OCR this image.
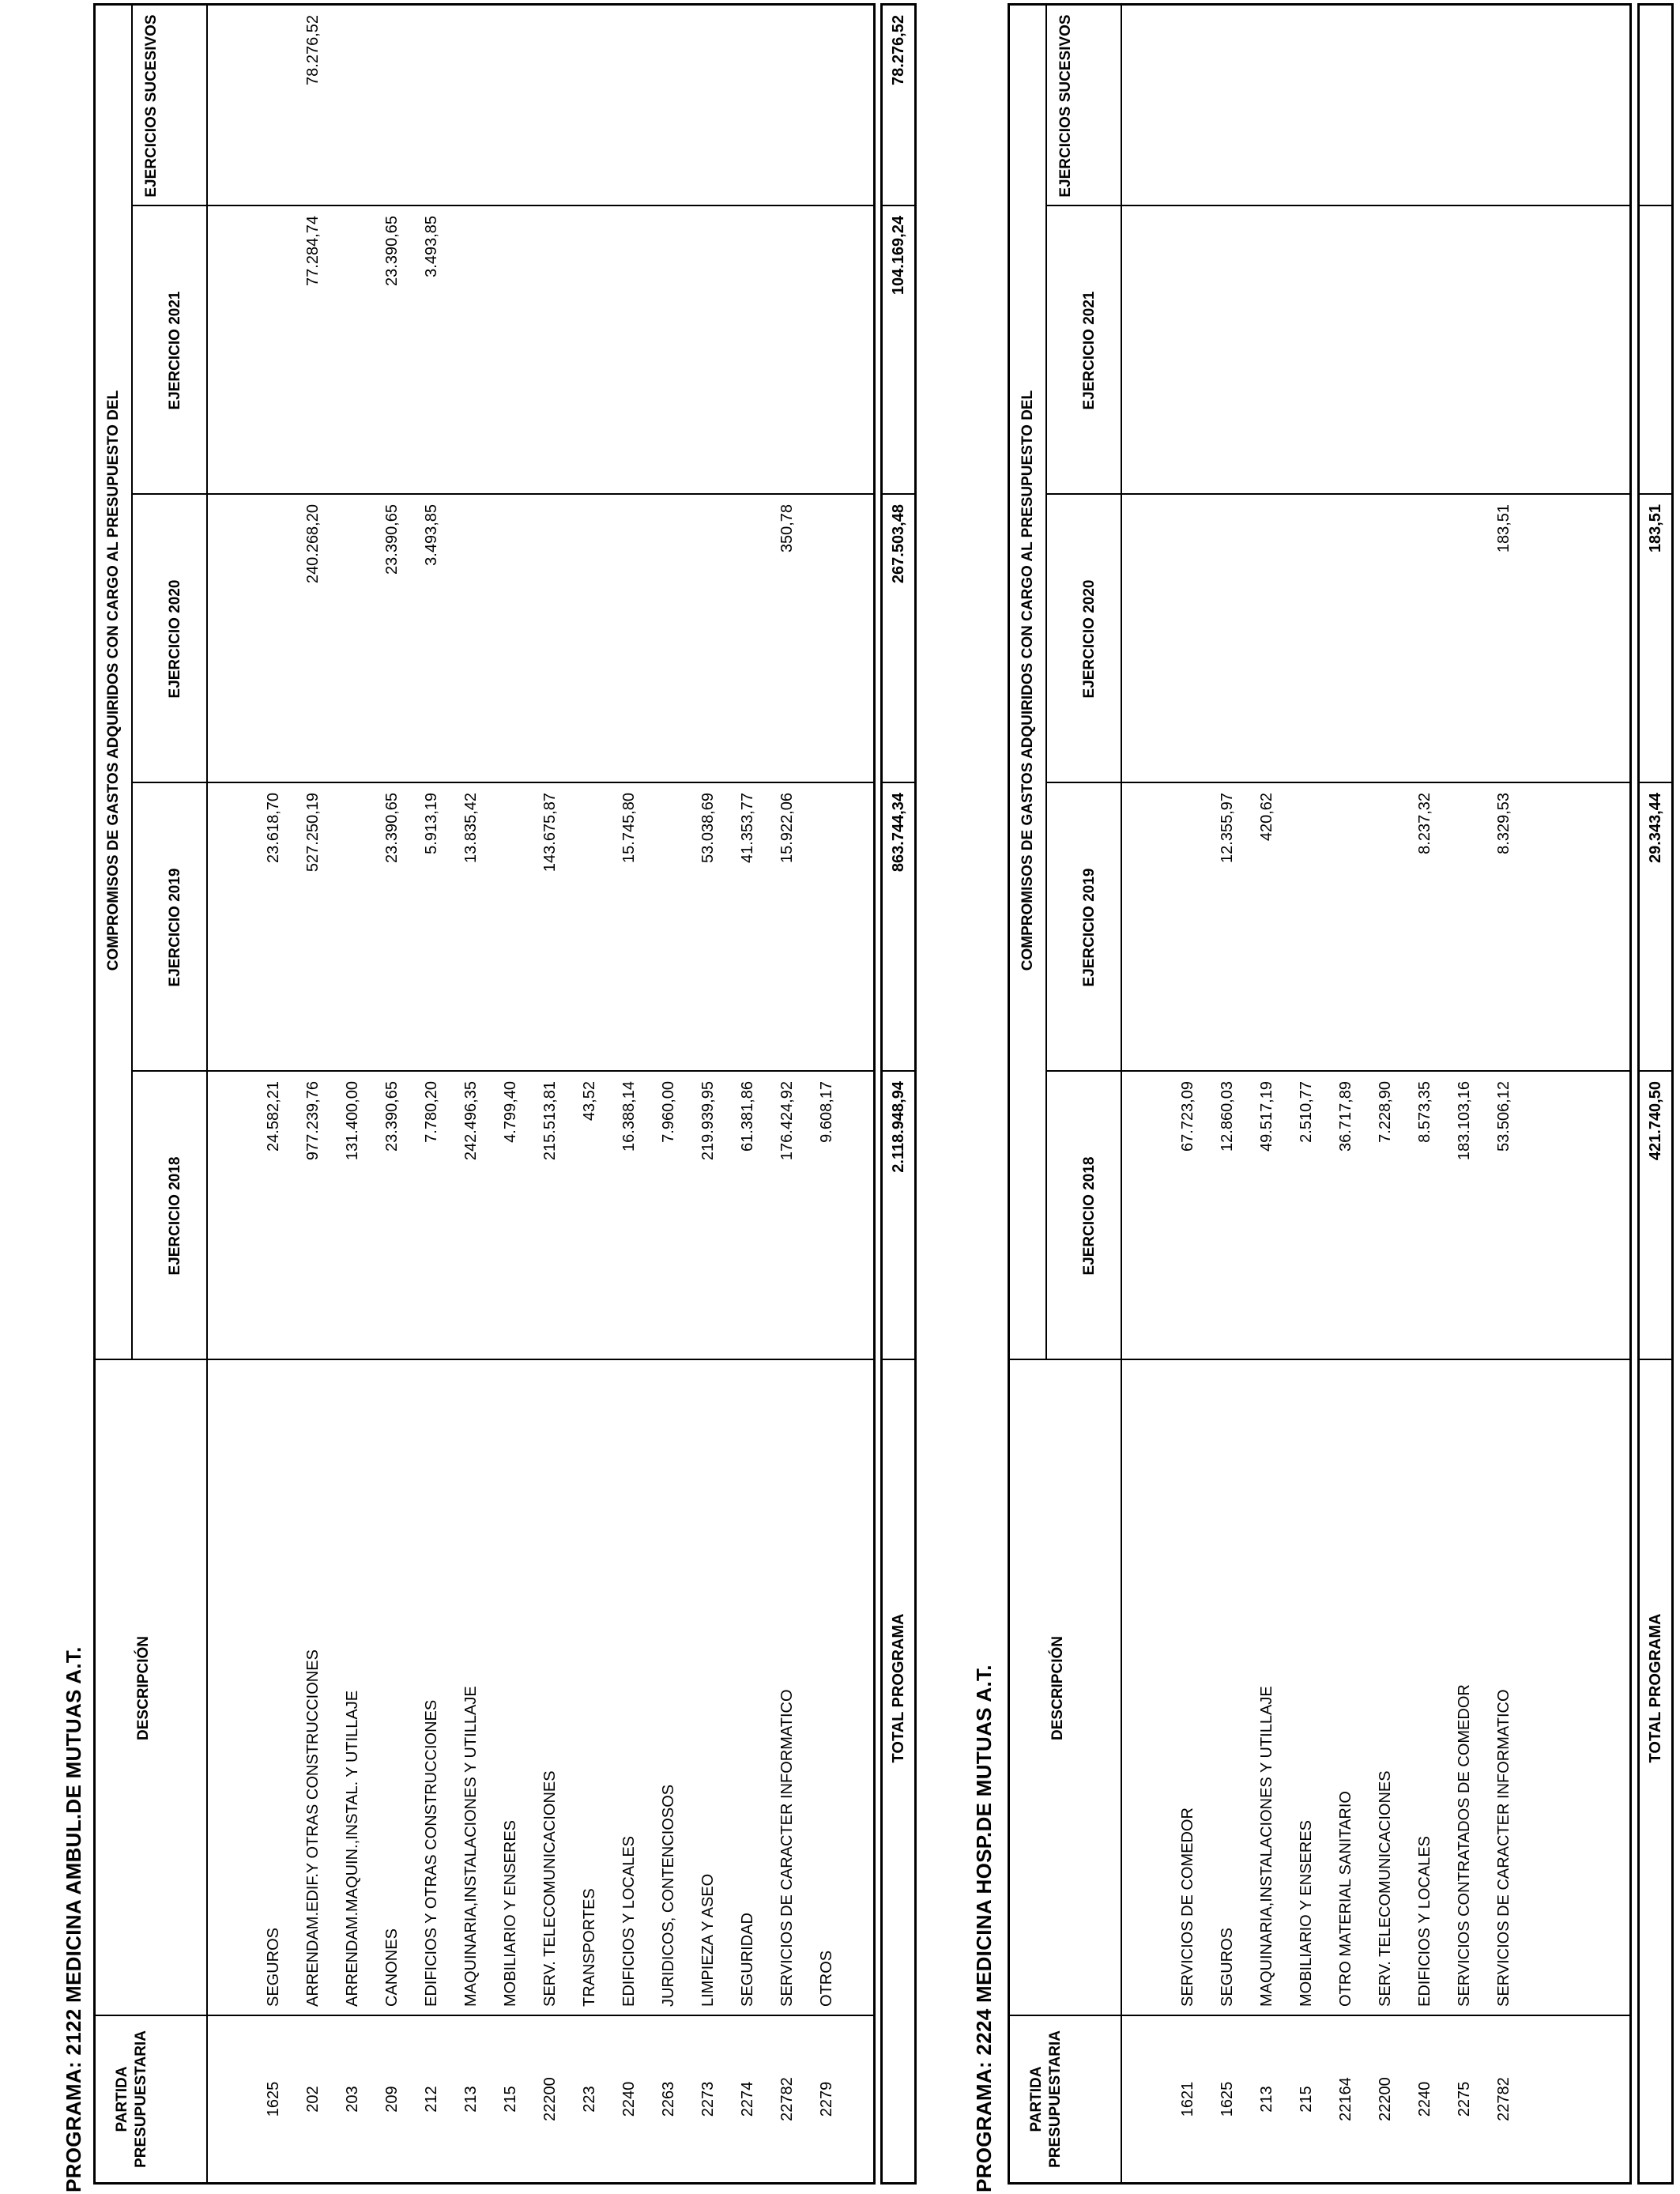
PROGRAMA: 2122 MEDICINA AMBUL.DE MUTUAS A.T. PARTIDA PRESUPUESTARIA
DESCRIPCIÓN
COMPROMISOS DE GASTOS ADQUIRIDOS CON CARGO AL PRESUPUESTO DEL
EJERCICIO 2018
EJERCICIO 2019
EJERCICIO 2020
EJERCICIO 2021
EJERCICIOS SUCESIVOS
1625
SEGUROS
24.582,21
23.618,70
202
ARRENDAM.EDIF.Y OTRAS CONSTRUCCIONES
977.239,76
527.250,19
240.268,20
77.284,74
78.276,52
203
ARRENDAM.MAQUIN.,INSTAL. Y UTILLAJE
131.400,00
209
CANONES
23.390,65
23.390,65
23.390,65
23.390,65
212
EDIFICIOS Y OTRAS CONSTRUCCIONES
7.780,20
5.913,19
3.493,85
3.493,85
213
MAQUINARIA,INSTALACIONES Y UTILLAJE
242.496,35
13.835,42
215
MOBILIARIO Y ENSERES
4.799,40
22200
SERV. TELECOMUNICACIONES
215.513,81
143.675,87
223
TRANSPORTES
43,52
2240
EDIFICIOS Y LOCALES
16.388,14
15.745,80
2263
JURIDICOS, CONTENCIOSOS
7.960,00
2273
LIMPIEZA Y ASEO
219.939,95
53.038,69
2274
SEGURIDAD
61.381,86
41.353,77
22782
SERVICIOS DE CARACTER INFORMATICO
176.424,92
15.922,06
350,78
2279
OTROS
9.608,17
TOTAL PROGRAMA
2.118.948,94
863.744,34
267.503,48
104.169,24
78.276,52
PROGRAMA: 2224 MEDICINA HOSP.DE MUTUAS A.T. PARTIDA PRESUPUESTARIA
DESCRIPCIÓN
COMPROMISOS DE GASTOS ADQUIRIDOS CON CARGO AL PRESUPUESTO DEL
EJERCICIO 2018
EJERCICIO 2019
EJERCICIO 2020
EJERCICIO 2021
EJERCICIOS SUCESIVOS
1621
SERVICIOS DE COMEDOR
67.723,09
1625
SEGUROS
12.860,03
12.355,97
213
MAQUINARIA,INSTALACIONES Y UTILLAJE
49.517,19
420,62
215
MOBILIARIO Y ENSERES
2.510,77
22164
OTRO MATERIAL SANITARIO
36.717,89
22200
SERV. TELECOMUNICACIONES
7.228,90
2240
EDIFICIOS Y LOCALES
8.573,35
8.237,32
2275
SERVICIOS CONTRATADOS DE COMEDOR
183.103,16
22782
SERVICIOS DE CARACTER INFORMATICO
53.506,12
8.329,53
183,51
TOTAL PROGRAMA
421.740,50
29.343,44
183,51
